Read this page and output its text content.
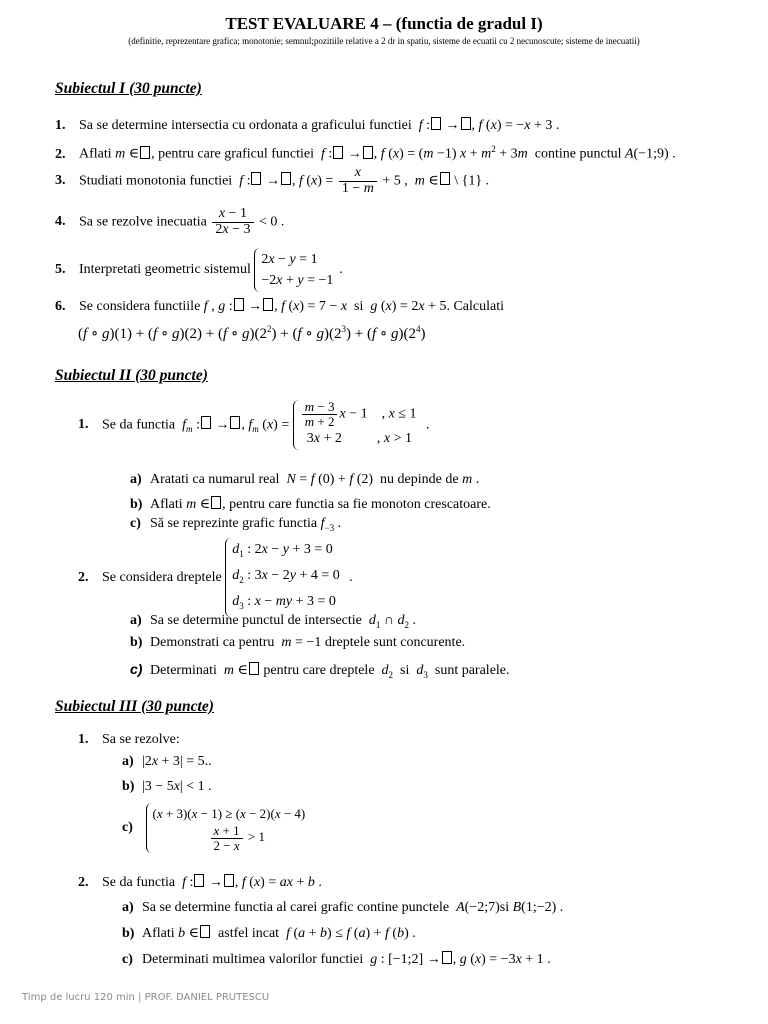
TEST EVALUARE 4 – (functia de gradul I)
(definitie, reprezentare grafica; monotonie; semnul;pozitiile relative a 2 dr in spatiu, sisteme de ecuatii cu 2 necunoscute; sisteme de inecuatii)
Subiectul I (30 puncte)
1. Sa se determine intersectia cu ordonata a graficului functiei f : → , f (x) = −x + 3 .
2. Aflati m ∈ , pentru care graficul functiei f : → , f (x) = (m −1) $x + m^2 + 3m$ contine punctul A(−1;9) .
3. Studiati monotonia functiei f : → , f $(x) = \frac{x}{1 - m} + 5$ ,  m ∈ \ {1} .
4. Sa se rezolve inecuatia $\frac{x - 1}{2x - 3} < 0$ .
5. Interpretati geometric sistemul
2x − y = 1
−2x + y = −1
.
6. Se considera functiile f , g : → , f (x) = 7 − x si g (x) = 2x + 5. Calculati
(f ∘ g)(1) + (f ∘ g)(2) + (f ∘ $g)(2^2) + (f$ ∘ $g)(2^3) + (f$ ∘ $g)(2^4)$
Subiectul II (30 puncte)
1. Se da functia $f_m$ : → , $f_m$ $(x) = \frac{m - 3}{m + 2}$ x − 1    , x ≤ 1
3x + 2          , x > 1
.
a) Aratati ca numarul real N = f (0) + f (2)  nu depinde de m .
b) Aflati m ∈ , pentru care functia sa fie monoton crescatoare.
c) Să se reprezinte grafic functia $f_{-3}$ .
2. Se considera dreptele
$d_1$ : 2x − y + 3 = 0
$d_2$ : 3x − 2y + 4 = 0
$d_3$ : x − my + 3 = 0
.
a) Sa se determine punctul de intersectie $d_1$ ∩ $d_2$ .
b) Demonstrati ca pentru m = −1 dreptele sunt concurente.
c) Determinati m ∈ pentru care dreptele $d_2$ si $d_3$ sunt paralele.
Subiectul III (30 puncte)
1. Sa se rezolve:
a) |2x + 3| = 5..
b) |3 − 5x| < 1 .
c)
(x + 3)(x − 1) ≥ (x − 2)(x − 4)
$\frac{x + 1}{2 - x} > 1$
2. Se da functia f : → , f (x) = ax + b .
a) Sa se determine functia al carei grafic contine punctele A(−2;7)si B(1;−2) .
b) Aflati b ∈ astfel incat f (a + b) ≤ f (a) + f (b) .
c) Determinati multimea valorilor functiei g : [−1;2] → , g (x) = −3x + 1 .
Timp de lucru 120 min | PROF. DANIEL PRUTESCU
